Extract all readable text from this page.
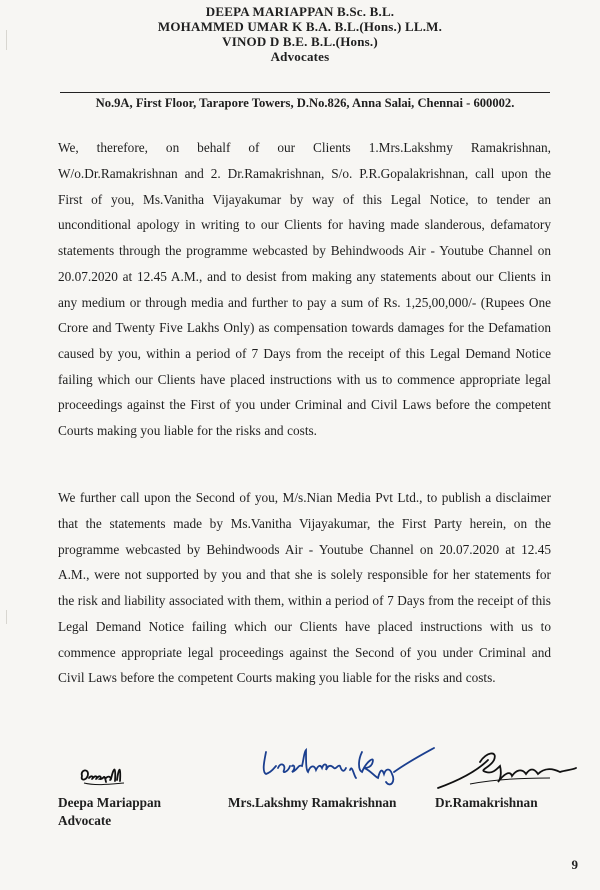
DEEPA MARIAPPAN B.Sc. B.L.
MOHAMMED UMAR K B.A. B.L.(Hons.) LL.M.
VINOD D B.E. B.L.(Hons.)
Advocates
No.9A, First Floor, Tarapore Towers, D.No.826, Anna Salai, Chennai - 600002.

We, therefore, on behalf of our Clients 1.Mrs.Lakshmy Ramakrishnan, W/o.Dr.Ramakrishnan and 2. Dr.Ramakrishnan, S/o. P.R.Gopalakrishnan, call upon the First of you, Ms.Vanitha Vijayakumar by way of this Legal Notice, to tender an unconditional apology in writing to our Clients for having made slanderous, defamatory statements through the programme webcasted by Behindwoods Air - Youtube Channel on 20.07.2020 at 12.45 A.M., and to desist from making any statements about our Clients in any medium or through media and further to pay a sum of Rs. 1,25,00,000/- (Rupees One Crore and Twenty Five Lakhs Only) as compensation towards damages for the Defamation caused by you, within a period of 7 Days from the receipt of this Legal Demand Notice failing which our Clients have placed instructions with us to commence appropriate legal proceedings against the First of you under Criminal and Civil Laws before the competent Courts making you liable for the risks and costs.

We further call upon the Second of you, M/s.Nian Media Pvt Ltd., to publish a disclaimer that the statements made by Ms.Vanitha Vijayakumar, the First Party herein, on the programme webcasted by Behindwoods Air - Youtube Channel on 20.07.2020 at 12.45 A.M., were not supported by you and that she is solely responsible for her statements for the risk and liability associated with them, within a period of 7 Days from the receipt of this Legal Demand Notice failing which our Clients have placed instructions with us to commence appropriate legal proceedings against the Second of you under Criminal and Civil Laws before the competent Courts making you liable for the risks and costs.

Deepa Mariappan
Advocate
Mrs.Lakshmy Ramakrishnan	Dr.Ramakrishnan
9
